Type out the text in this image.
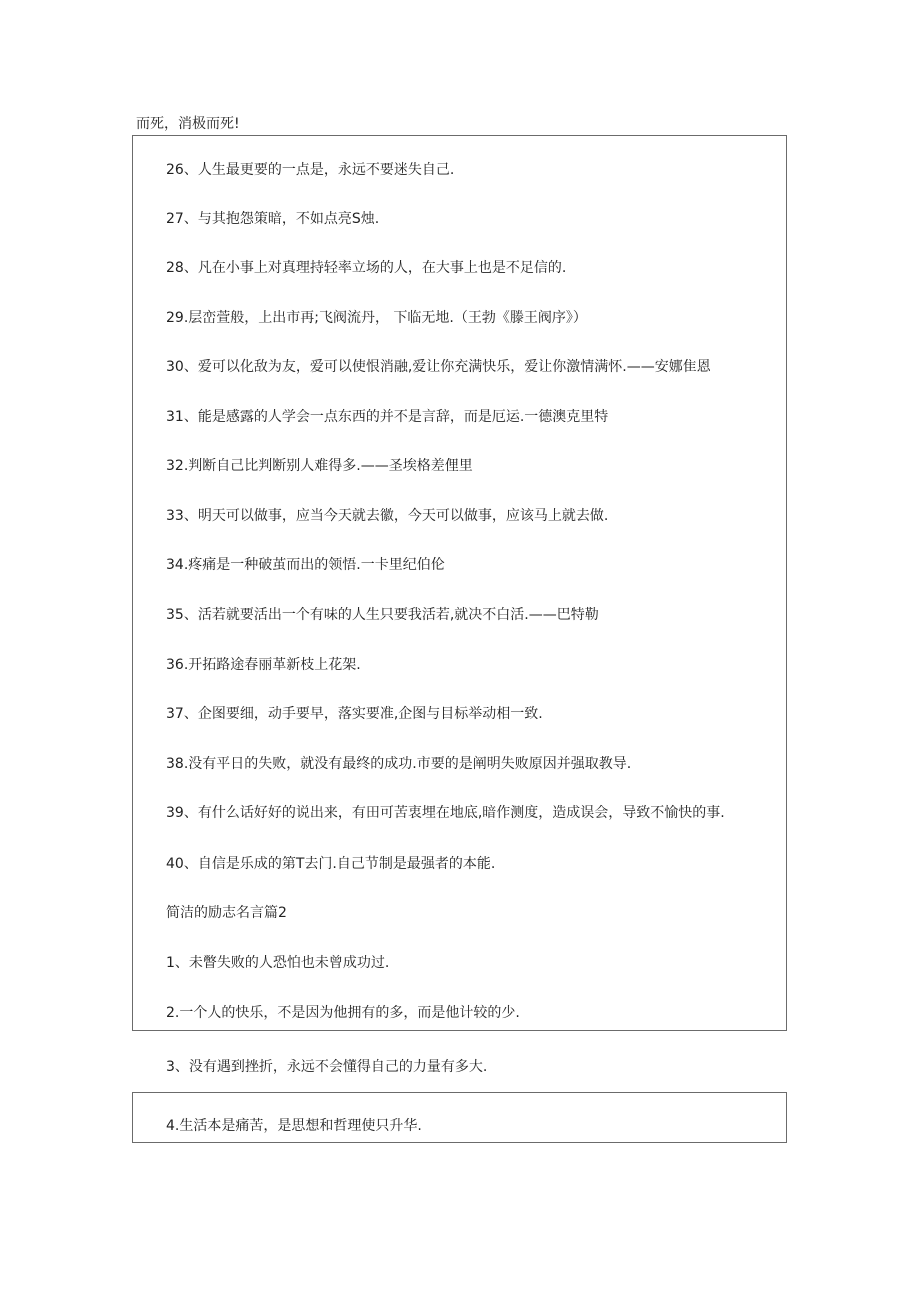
而死，消极而死!
26、人生最更要的一点是，永远不要迷失自己.
27、与其抱怨策暗，不如点亮S烛.
28、凡在小事上对真理持轻率立场的人，在大事上也是不足信的.
29.层峦萱般，上出市再;飞阀流丹， 下临无地.（王勃《滕王阀序》）
30、爱可以化敌为友，爱可以使恨消融,爱让你充满快乐，爱让你激情满怀.——安娜隹恩
31、能是感露的人学会一点东西的并不是言辞，而是厄运.一德澳克里特
32.判断自己比判断别人难得多.——圣埃格差俚里
33、明天可以做事，应当今天就去徽，今天可以做事，应该马上就去做.
34.疼痛是一种破茧而出的领悟.一卡里纪伯伦
35、活若就要活出一个有味的人生只要我活若,就决不白活.——巴特勒
36.开拓路途春丽革新枝上花架.
37、企图要细，动手要早，落实要准,企图与目标举动相一致.
38.没有平日的失败，就没有最终的成功.市要的是阐明失败原因并强取教导.
39、有什么话好好的说出来，有田可苦衷埋在地底,暗作测度，造成误会，导致不愉快的事.
40、自信是乐成的第T去门.自己节制是最强者的本能.
简洁的励志名言篇2
1、未瞥失败的人恐怕也未曾成功过.
2.一个人的快乐，不是因为他拥有的多，而是他计较的少.
3、没有遇到挫折，永远不会懂得自己的力量有多大.
4.生活本是痛苦，是思想和哲理使只升华.
